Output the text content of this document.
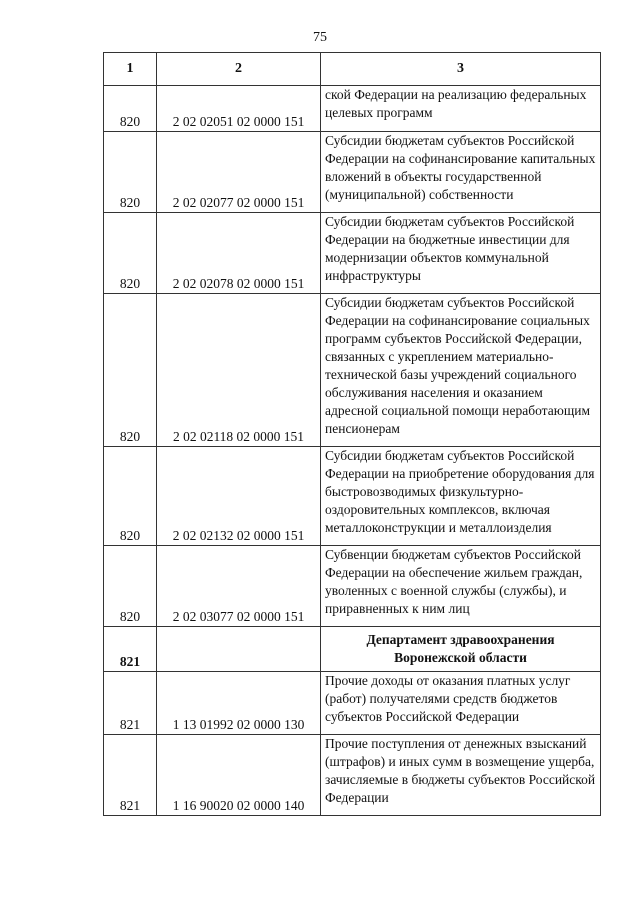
75
1	2	3
820	2 02 02051 02 0000 151	ской Федерации на реализацию федеральных целевых программ
820	2 02 02077 02 0000 151	Субсидии бюджетам субъектов Российской Федерации на софинансирование капитальных вложений в объекты государственной (муниципальной) собственности
820	2 02 02078 02 0000 151	Субсидии бюджетам субъектов Российской Федерации на бюджетные инвестиции для модернизации объектов коммунальной инфраструктуры
820	2 02 02118 02 0000 151	Субсидии бюджетам субъектов Российской Федерации на софинансирование социальных программ субъектов Российской Федерации, связанных с укреплением материально-технической базы учреждений социального обслуживания населения и оказанием адресной социальной помощи неработающим пенсионерам
820	2 02 02132 02 0000 151	Субсидии бюджетам субъектов Российской Федерации на приобретение оборудования для быстровозводимых физкультурно-оздоровительных комплексов, включая металлоконструкции и металлоизделия
820	2 02 03077 02 0000 151	Субвенции бюджетам субъектов Российской Федерации на обеспечение жильем граждан, уволенных с военной службы (службы), и приравненных к ним лиц
821		Департамент здравоохранения Воронежской области
821	1 13 01992 02 0000 130	Прочие доходы от оказания платных услуг (работ) получателями средств бюджетов субъектов Российской Федерации
821	1 16 90020 02 0000 140	Прочие поступления от денежных взысканий (штрафов) и иных сумм в возмещение ущерба, зачисляемые в бюджеты субъектов Российской Федерации
